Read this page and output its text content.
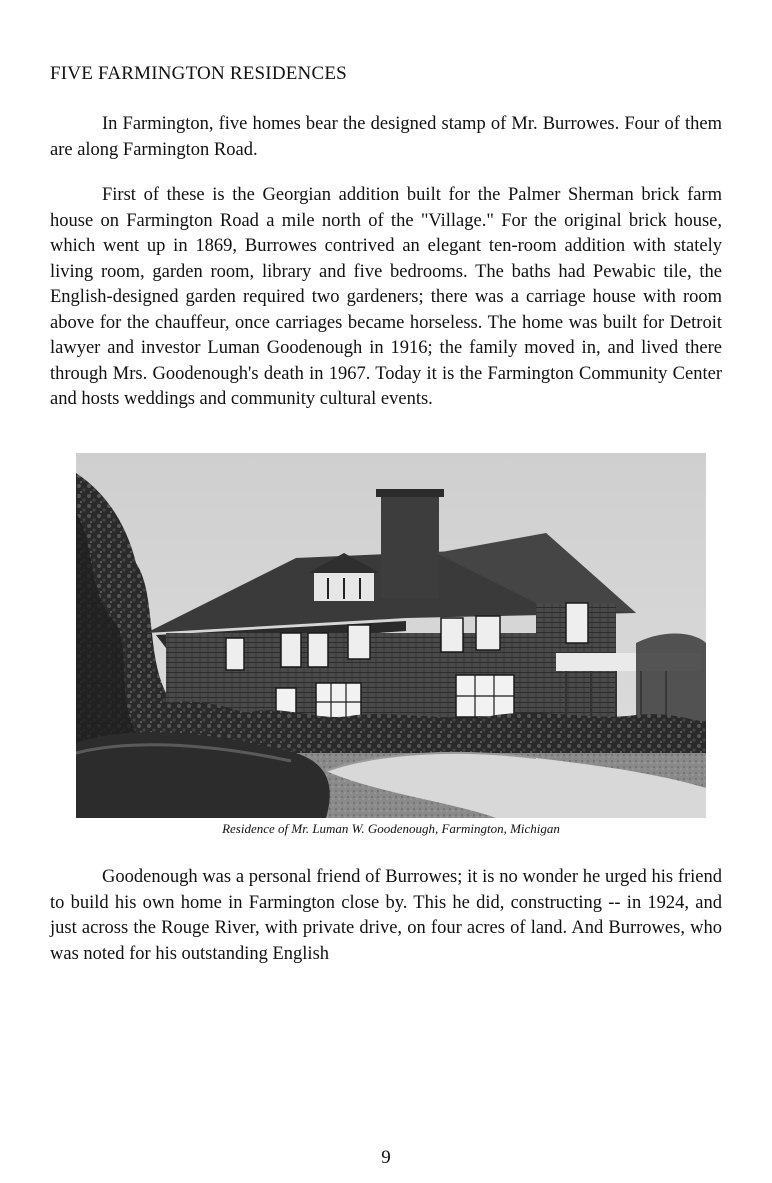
FIVE FARMINGTON RESIDENCES

In Farmington, five homes bear the designed stamp of Mr. Burrowes. Four of them are along Farmington Road.

First of these is the Georgian addition built for the Palmer Sherman brick farm house on Farmington Road a mile north of the "Village." For the original brick house, which went up in 1869, Burrowes contrived an elegant ten-room addition with stately living room, garden room, library and five bedrooms. The baths had Pewabic tile, the English-designed garden required two gardeners; there was a carriage house with room above for the chauffeur, once carriages became horseless. The home was built for Detroit lawyer and investor Luman Goodenough in 1916; the family moved in, and lived there through Mrs. Goodenough's death in 1967. Today it is the Farmington Community Center and hosts weddings and community cultural events.

Residence of Mr. Luman W. Goodenough, Farmington, Michigan

Goodenough was a personal friend of Burrowes; it is no wonder he urged his friend to build his own home in Farmington close by. This he did, constructing -- in 1924, and just across the Rouge River, with private drive, on four acres of land. And Burrowes, who was noted for his outstanding English

9
